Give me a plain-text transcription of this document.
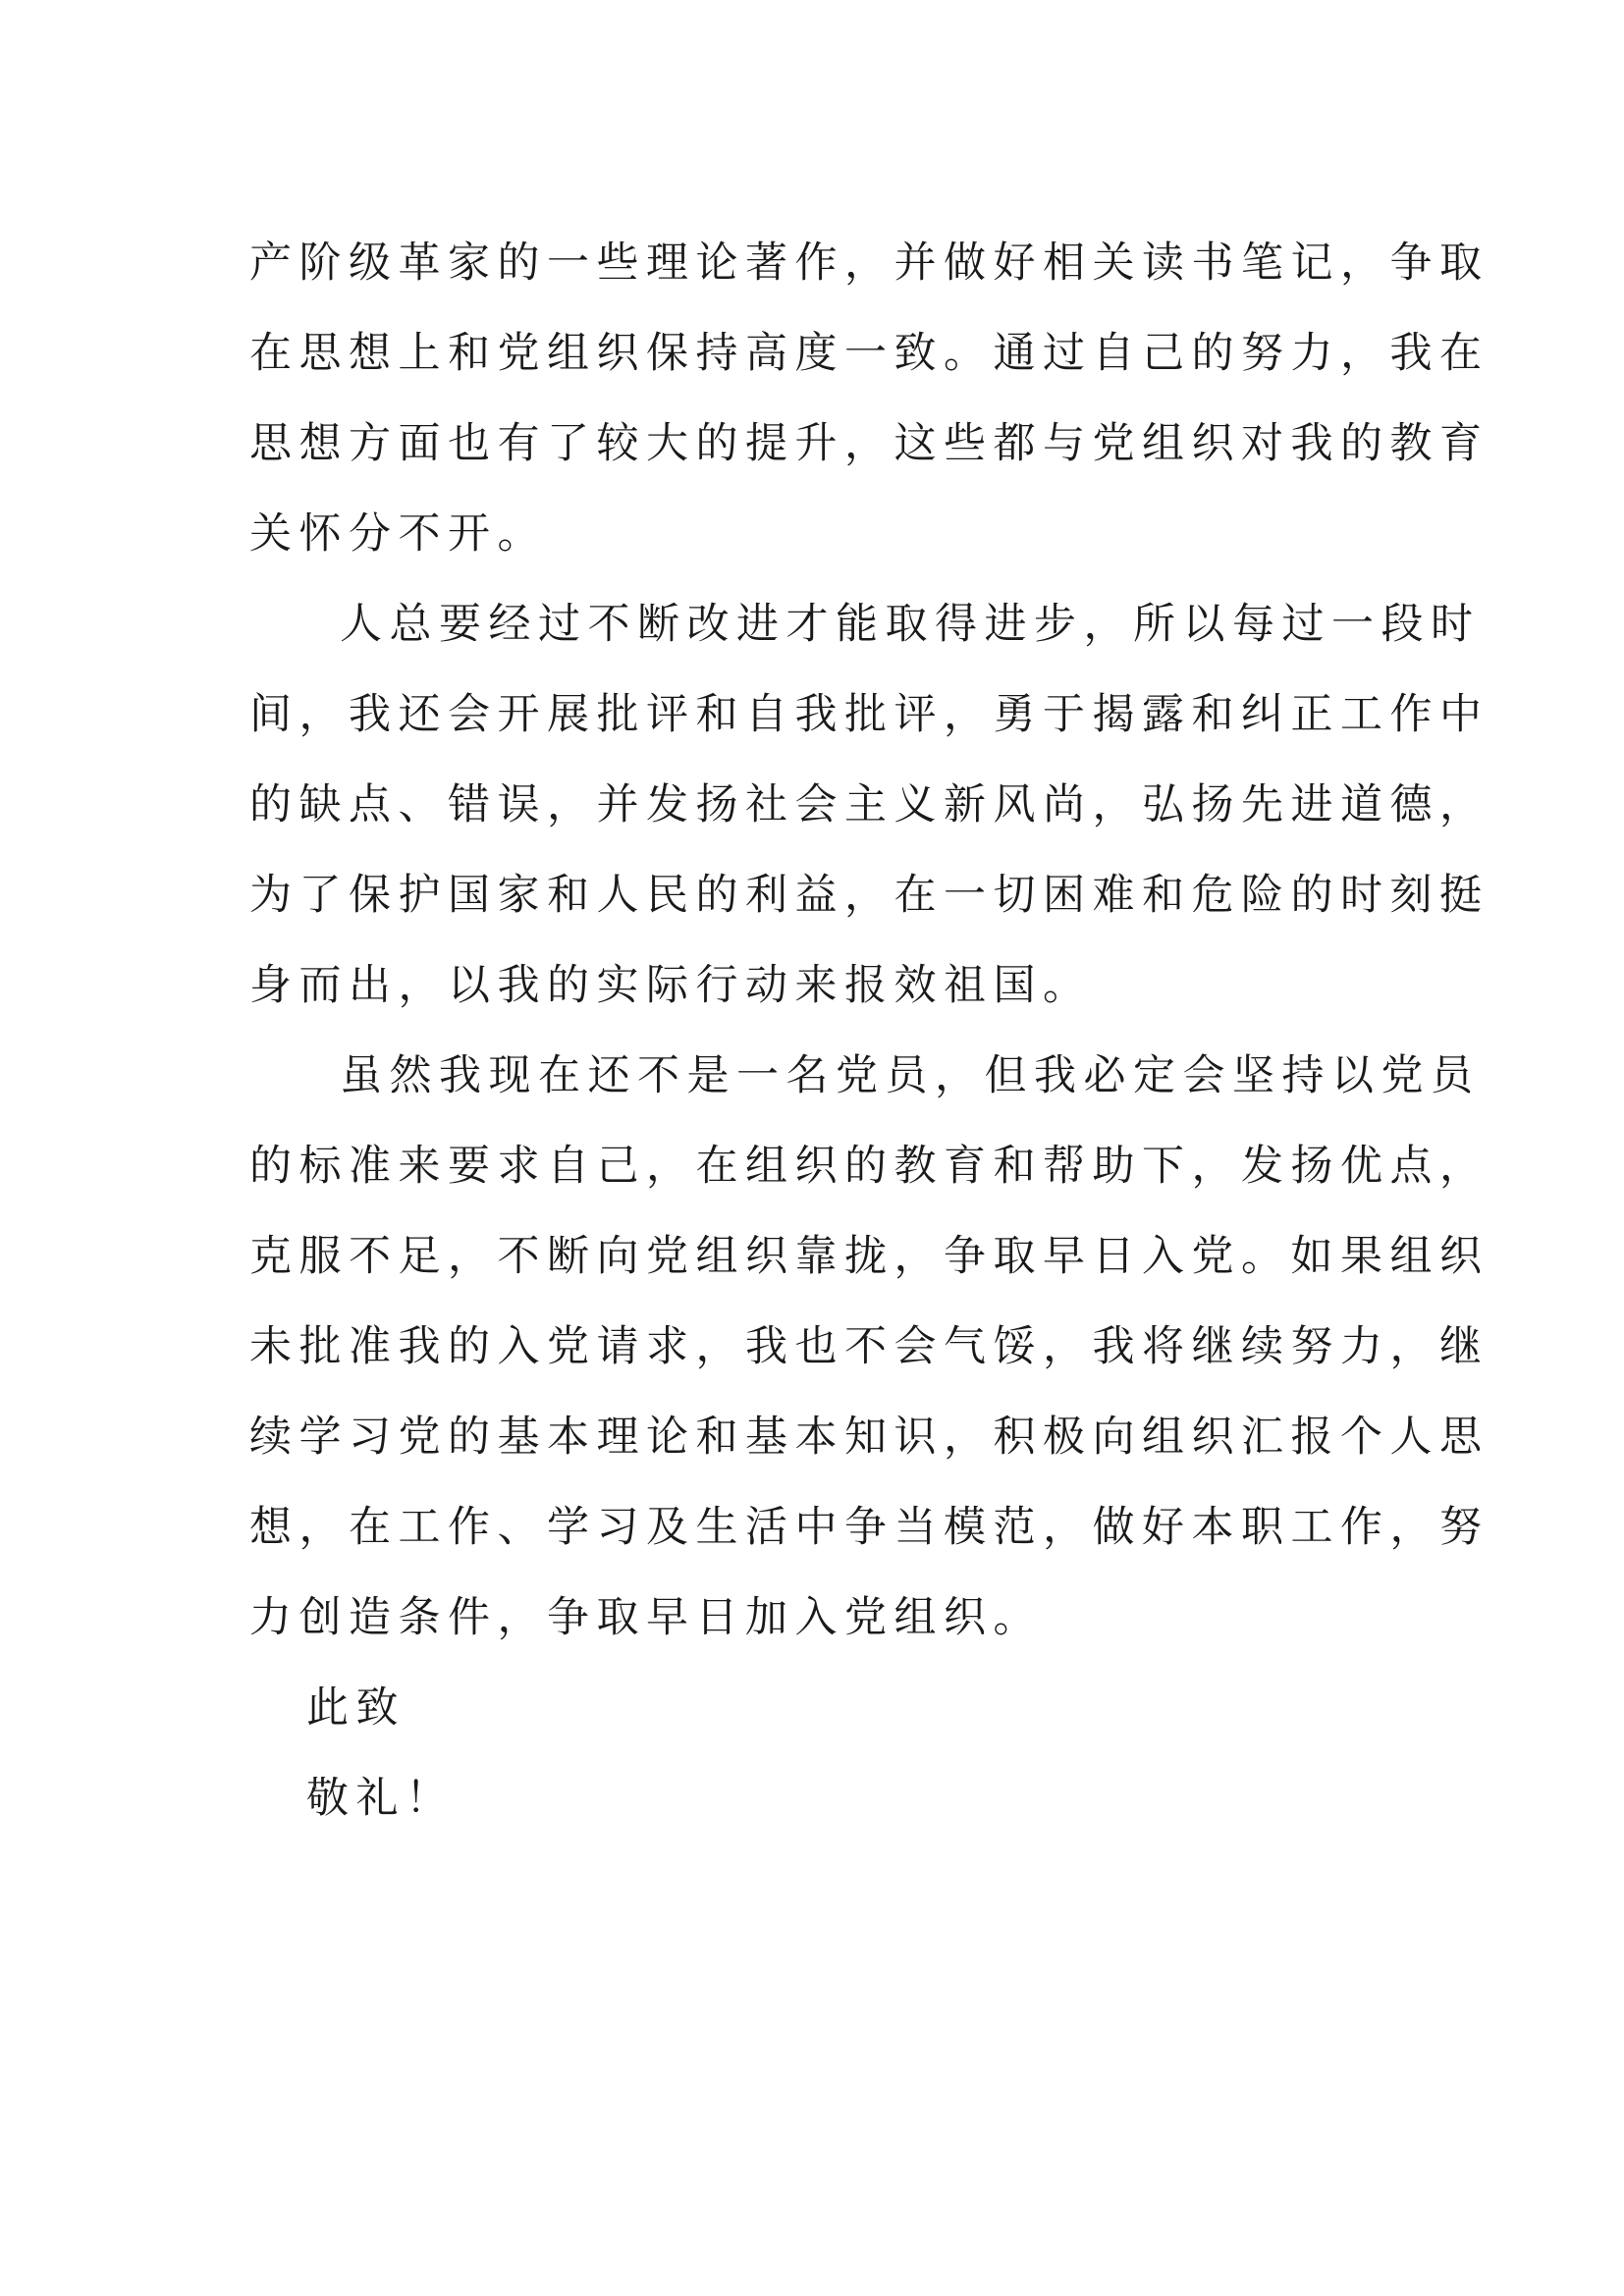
产阶级革家的一些理论著作，并做好相关读书笔记，争取
在思想上和党组织保持高度一致。通过自己的努力，我在
思想方面也有了较大的提升，这些都与党组织对我的教育
关怀分不开。
人总要经过不断改进才能取得进步，所以每过一段时
间，我还会开展批评和自我批评，勇于揭露和纠正工作中
的缺点、错误，并发扬社会主义新风尚，弘扬先进道德，
为了保护国家和人民的利益，在一切困难和危险的时刻挺
身而出，以我的实际行动来报效祖国。
虽然我现在还不是一名党员，但我必定会坚持以党员
的标准来要求自己，在组织的教育和帮助下，发扬优点，
克服不足，不断向党组织靠拢，争取早日入党。如果组织
未批准我的入党请求，我也不会气馁，我将继续努力，继
续学习党的基本理论和基本知识，积极向组织汇报个人思
想，在工作、学习及生活中争当模范，做好本职工作，努
力创造条件，争取早日加入党组织。
此致
敬礼！
